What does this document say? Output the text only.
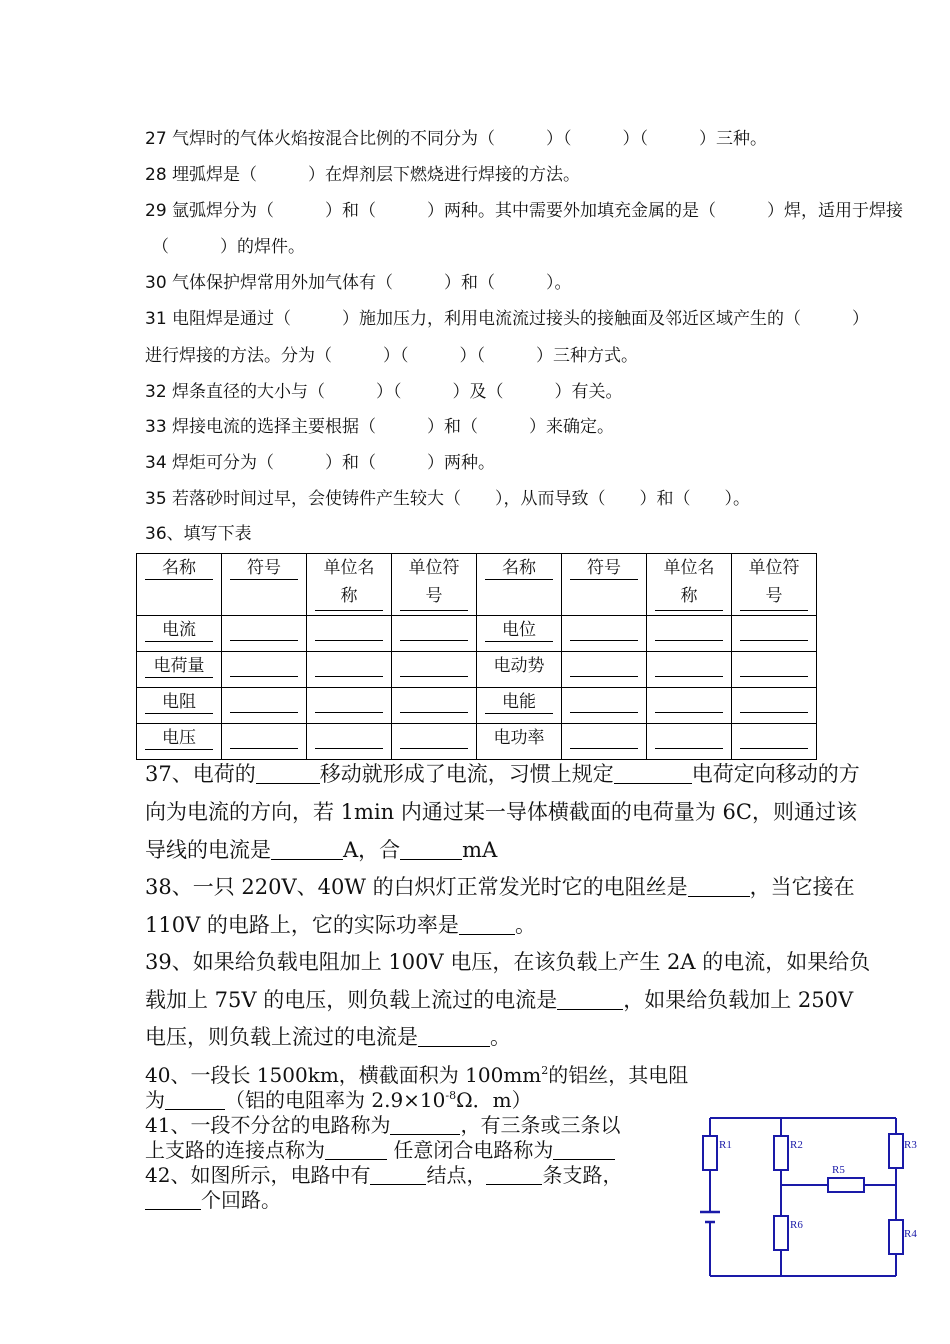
27 气焊时的气体火焰按混合比例的不同分为（　　　）（　　　）（　　　）三种。
28 埋弧焊是（　　　）在焊剂层下燃烧进行焊接的方法。
29 氩弧焊分为（　　　）和（　　　）两种。其中需要外加填充金属的是（　　　）焊，适用于焊接
（　　　）的焊件。
30 气体保护焊常用外加气体有（　　　）和（　　　）。
31 电阻焊是通过（　　　）施加压力，利用电流流过接头的接触面及邻近区域产生的（　　　）
进行焊接的方法。分为（　　　）（　　　）（　　　）三种方式。
32 焊条直径的大小与（　　　）（　　　）及（　　　）有关。
33 焊接电流的选择主要根据（　　　）和（　　　）来确定。
34 焊炬可分为（　　　）和（　　　）两种。
35 若落砂时间过早，会使铸件产生较大（　　），从而导致（　　）和（　　）。
36、填写下表
名称	符号	单位名称	单位符号	名称	符号	单位名称	单位符号
电流				电位			
电荷量				电动势			
电阻				电能			
电压				电功率			
37、电荷的	移动就形成了电流，习惯上规定	电荷定向移动的方
向为电流的方向，若 1min 内通过某一导体横截面的电荷量为 6C，则通过该
导线的电流是	A，合	mA
38、一只 220V、40W 的白炽灯正常发光时它的电阻丝是	，当它接在
110V 的电路上，它的实际功率是	。
39、如果给负载电阻加上 100V 电压，在该负载上产生 2A 的电流，如果给负
载加上 75V 的电压，则负载上流过的电流是	，如果给负载加上 250V
电压，则负载上流过的电流是	。
40、一段长 1500km，横截面积为 $100mm^2$的铝丝，其电阻
为	（铝的电阻率为 $2.9\times 10^{-8}\Omega$．m）
41、一段不分岔的电路称为	，有三条或三条以
上支路的连接点称为	任意闭合电路称为
42、如图所示，电路中有	结点，	条支路，
个回路。
R1	R2	R3
R4
R5
R6
